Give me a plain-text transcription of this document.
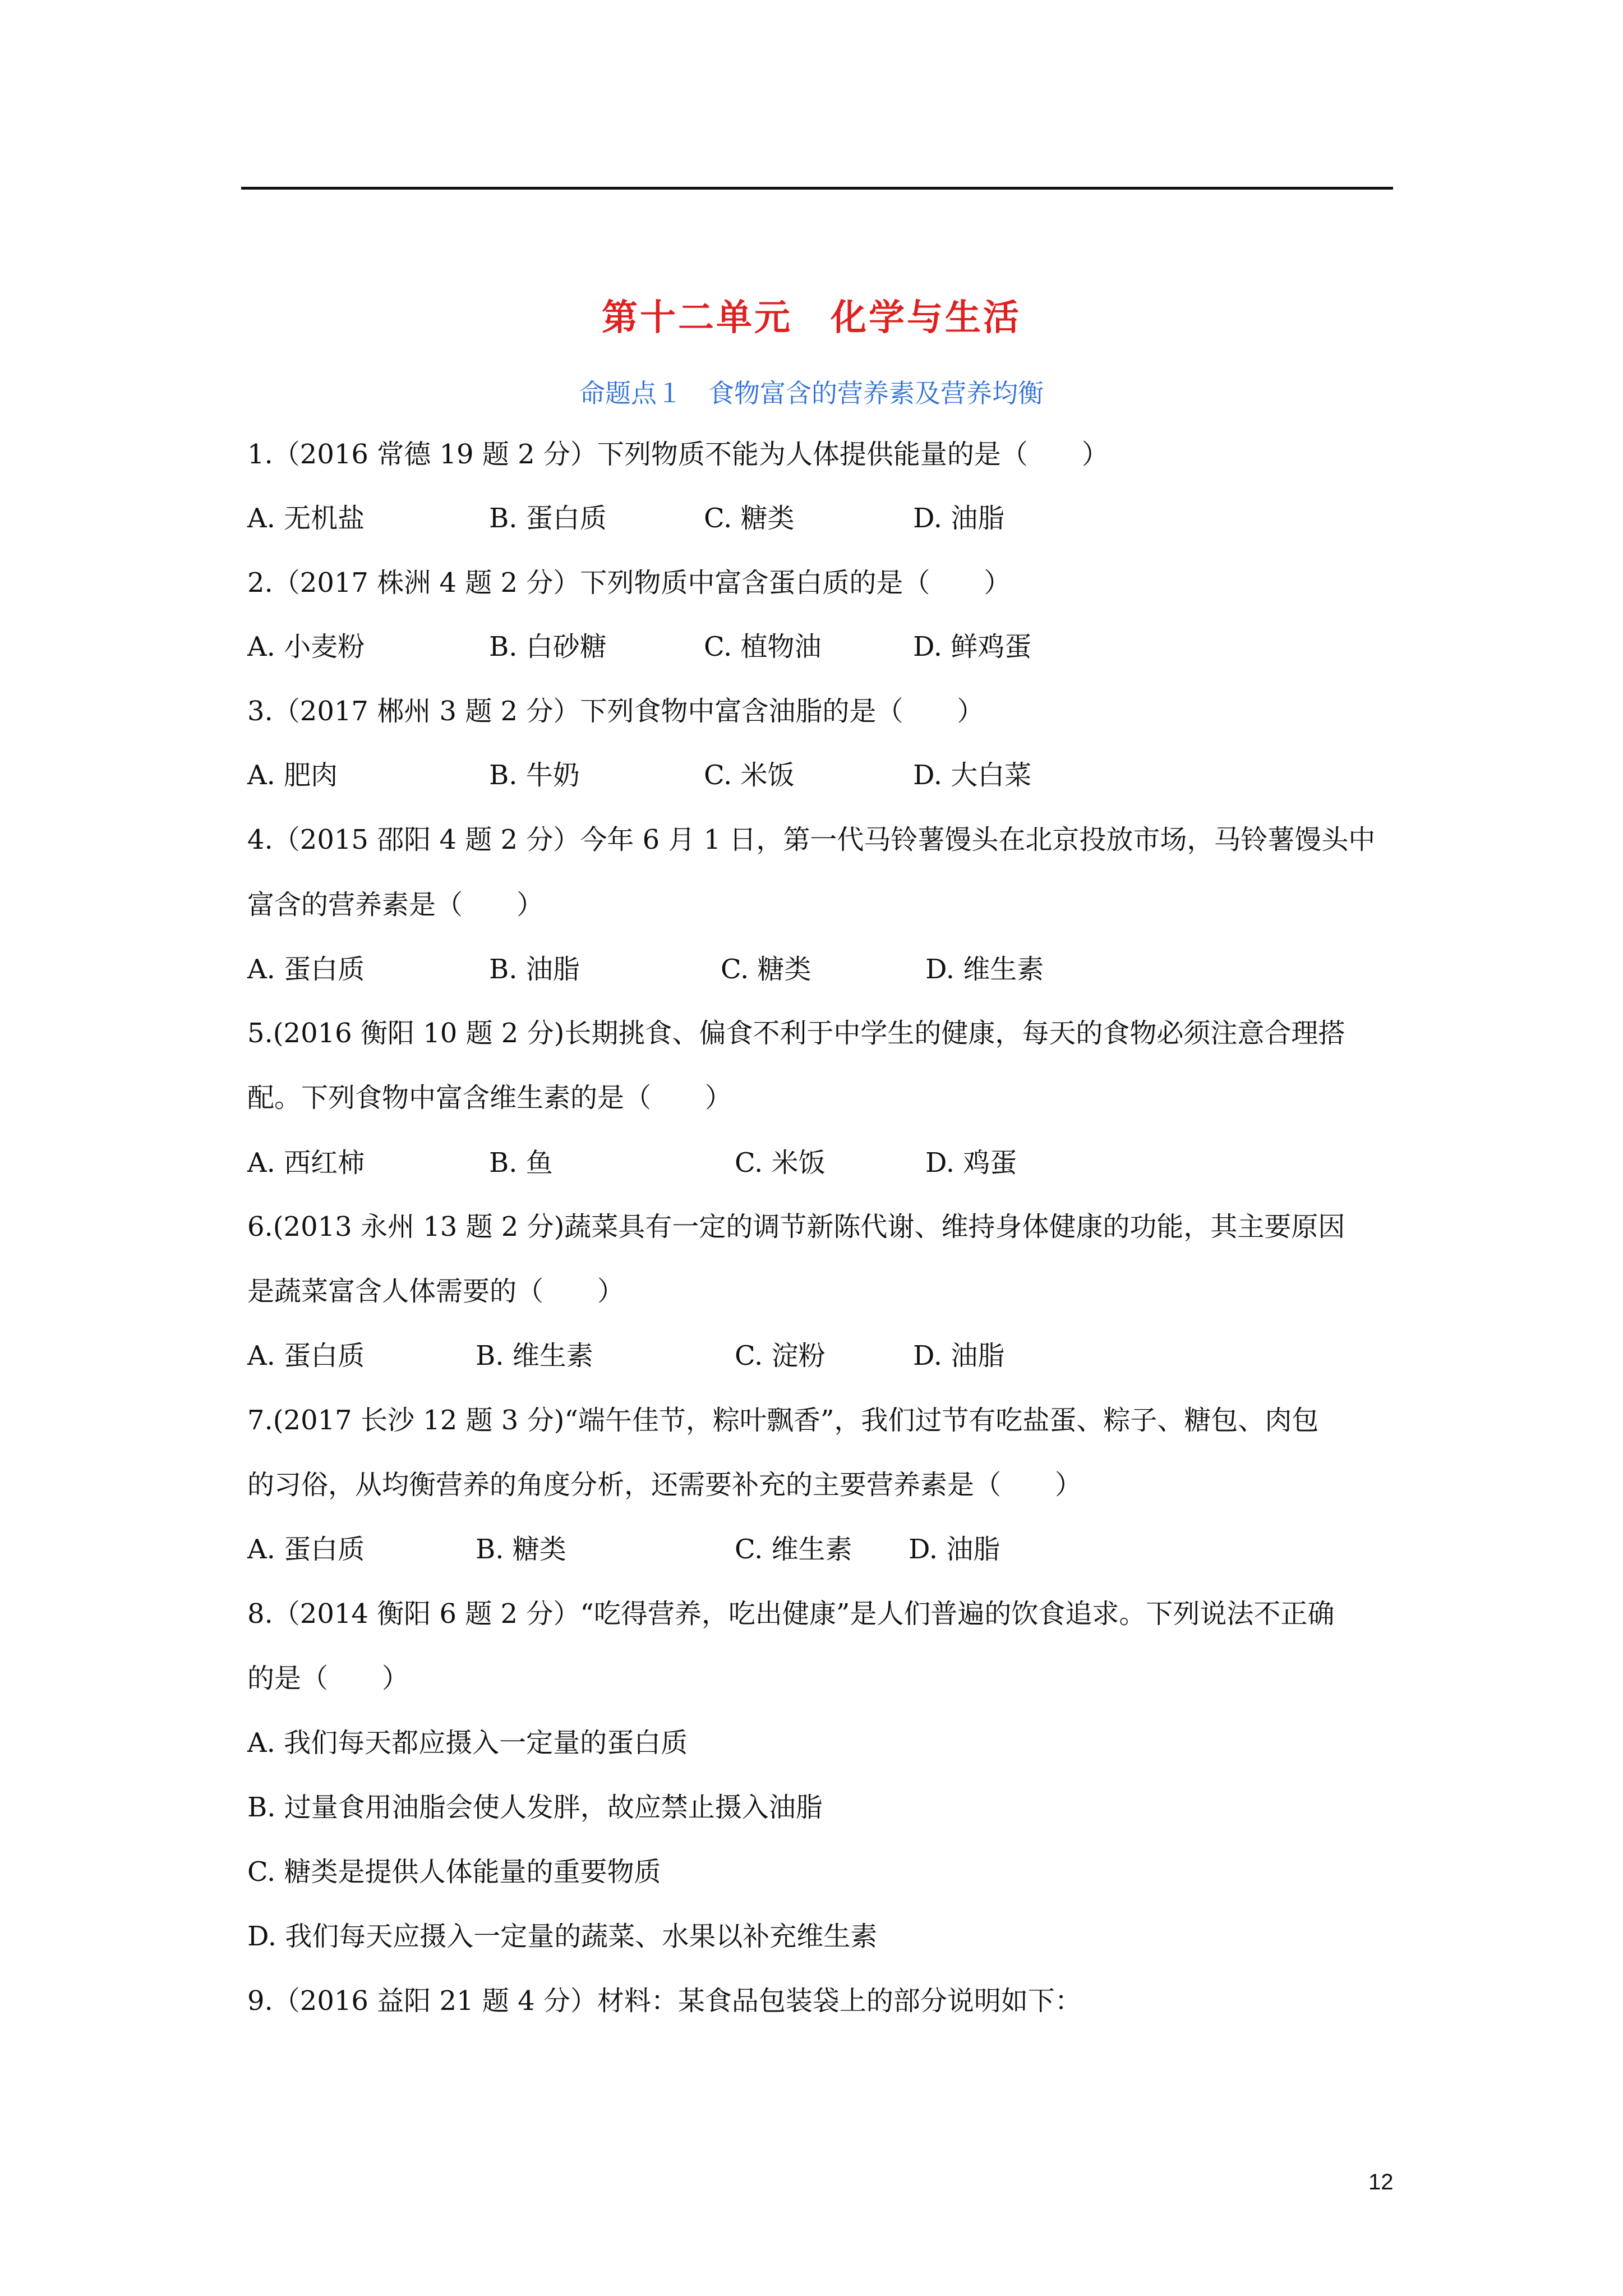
第十二单元　化学与生活
命题点１　食物富含的营养素及营养均衡
1.（2016 常德 19 题 2 分）下列物质不能为人体提供能量的是（　　）
A. 无机盐	B. 蛋白质	C. 糖类	D. 油脂
2.（2017 株洲 4 题 2 分）下列物质中富含蛋白质的是（　　）
A. 小麦粉	B. 白砂糖	C. 植物油	D. 鲜鸡蛋
3.（2017 郴州 3 题 2 分）下列食物中富含油脂的是（　　）
A. 肥肉	B. 牛奶	C. 米饭	D. 大白菜
4.（2015 邵阳 4 题 2 分）今年 6 月 1 日，第一代马铃薯馒头在北京投放市场，马铃薯馒头中
富含的营养素是（　　）
A. 蛋白质	B. 油脂	C. 糖类	D. 维生素
5.(2016 衡阳 10 题 2 分)长期挑食、偏食不利于中学生的健康，每天的食物必须注意合理搭
配。下列食物中富含维生素的是（　　）
A. 西红柿	B. 鱼	C. 米饭	D. 鸡蛋
6.(2013 永州 13 题 2 分)蔬菜具有一定的调节新陈代谢、维持身体健康的功能，其主要原因
是蔬菜富含人体需要的（　　）
A. 蛋白质	B. 维生素	C. 淀粉	D. 油脂
7.(2017 长沙 12 题 3 分)“端午佳节，粽叶飘香”，我们过节有吃盐蛋、粽子、糖包、肉包
的习俗，从均衡营养的角度分析，还需要补充的主要营养素是（　　）
A. 蛋白质	B. 糖类	C. 维生素 D. 油脂
8.（2014 衡阳 6 题 2 分）“吃得营养，吃出健康”是人们普遍的饮食追求。下列说法不正确
的是（　　）
A. 我们每天都应摄入一定量的蛋白质
B. 过量食用油脂会使人发胖，故应禁止摄入油脂
C. 糖类是提供人体能量的重要物质
D. 我们每天应摄入一定量的蔬菜、水果以补充维生素
9.（2016 益阳 21 题 4 分）材料：某食品包装袋上的部分说明如下：
12
